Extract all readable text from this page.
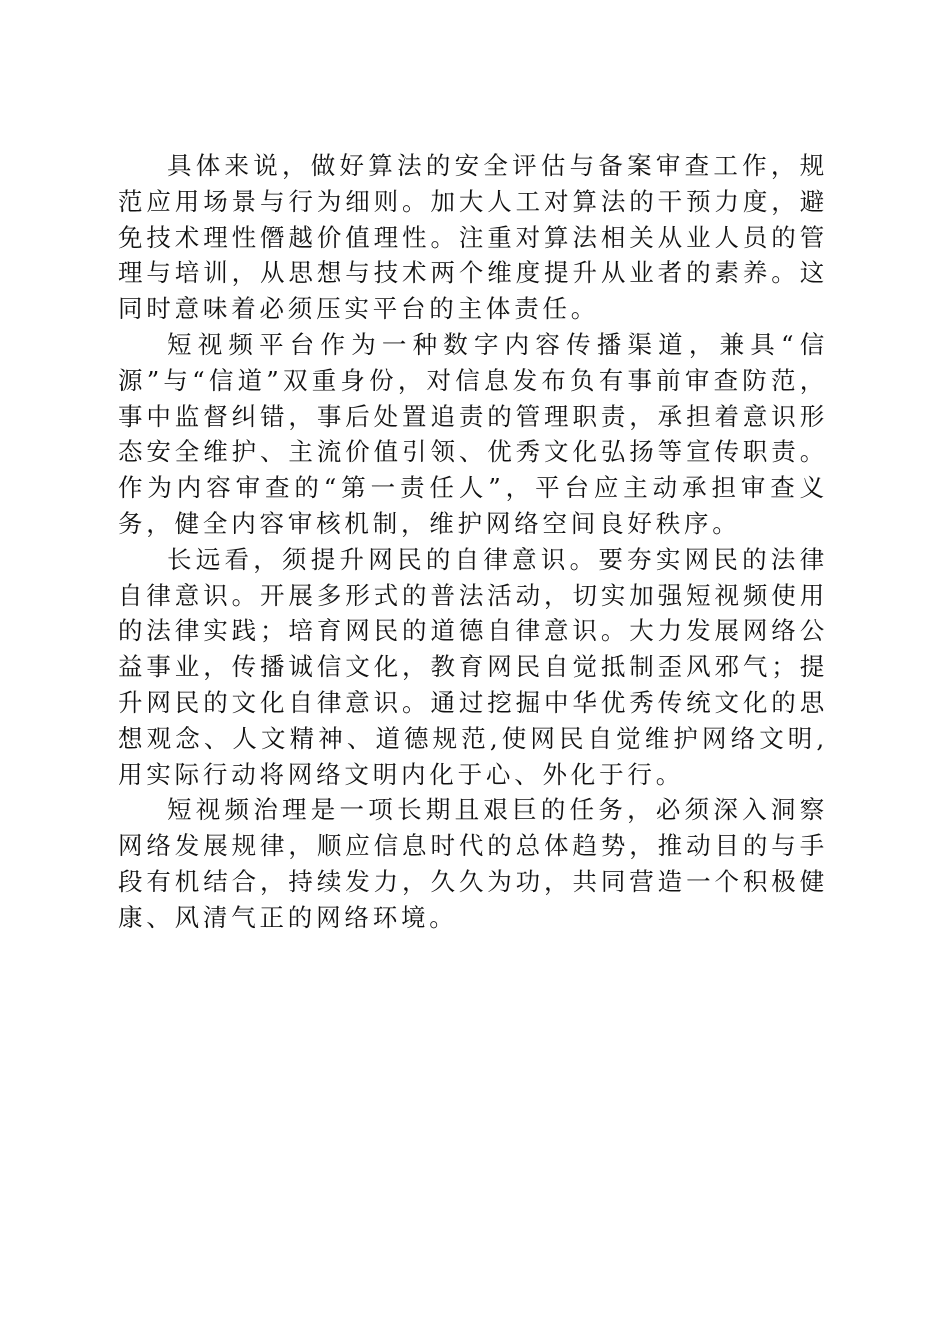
具体来说，做好算法的安全评估与备案审查工作，规范应用场景与行为细则。加大人工对算法的干预力度，避免技术理性僭越价值理性。注重对算法相关从业人员的管理与培训，从思想与技术两个维度提升从业者的素养。这同时意味着必须压实平台的主体责任。

短视频平台作为一种数字内容传播渠道，兼具“信源”与“信道”双重身份，对信息发布负有事前审查防范，事中监督纠错，事后处置追责的管理职责，承担着意识形态安全维护、主流价值引领、优秀文化弘扬等宣传职责。作为内容审查的“第一责任人”，平台应主动承担审查义务，健全内容审核机制，维护网络空间良好秩序。

长远看，须提升网民的自律意识。要夯实网民的法律自律意识。开展多形式的普法活动，切实加强短视频使用的法律实践；培育网民的道德自律意识。大力发展网络公益事业，传播诚信文化，教育网民自觉抵制歪风邪气；提升网民的文化自律意识。通过挖掘中华优秀传统文化的思想观念、人文精神、道德规范,使网民自觉维护网络文明,用实际行动将网络文明内化于心、外化于行。

短视频治理是一项长期且艰巨的任务，必须深入洞察网络发展规律，顺应信息时代的总体趋势，推动目的与手段有机结合，持续发力，久久为功，共同营造一个积极健康、风清气正的网络环境。
